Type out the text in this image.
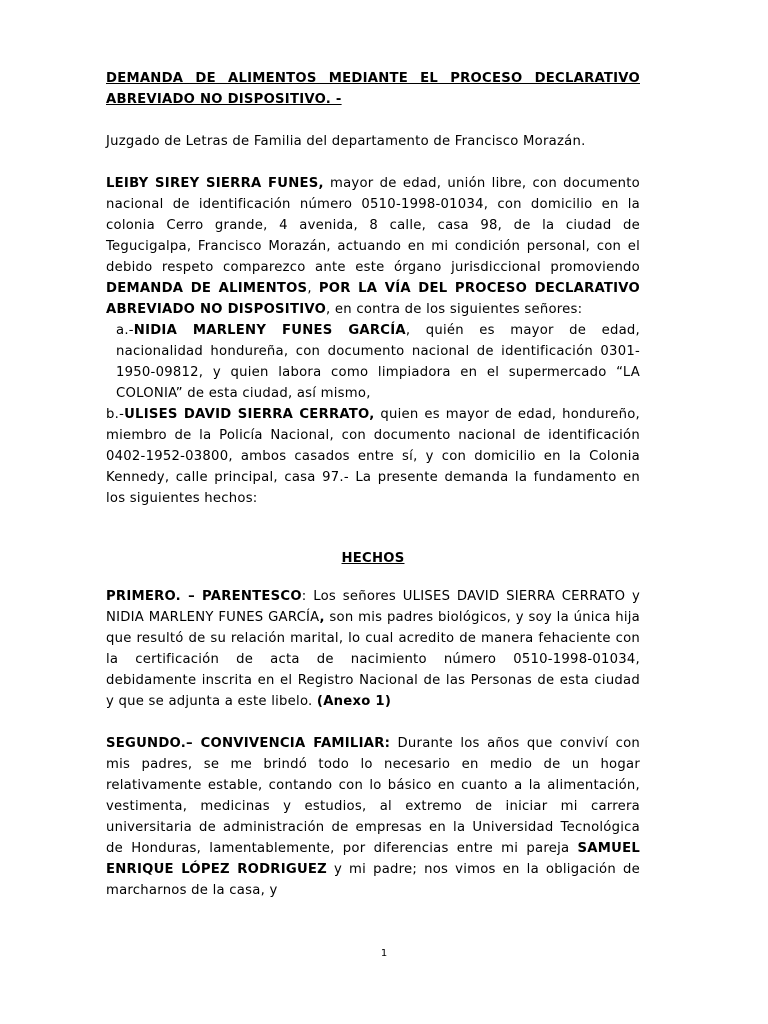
DEMANDA DE ALIMENTOS MEDIANTE EL PROCESO DECLARATIVO ABREVIADO NO DISPOSITIVO. -

Juzgado de Letras de Familia del departamento de Francisco Morazán.

LEIBY SIREY SIERRA FUNES, mayor de edad, unión libre, con documento nacional de identificación número 0510-1998-01034, con domicilio en la colonia Cerro grande, 4 avenida, 8 calle, casa 98, de la ciudad de Tegucigalpa, Francisco Morazán, actuando en mi condición personal, con el debido respeto comparezco ante este órgano jurisdiccional promoviendo DEMANDA DE ALIMENTOS, POR LA VÍA DEL PROCESO DECLARATIVO ABREVIADO NO DISPOSITIVO, en contra de los siguientes señores:

a.-NIDIA MARLENY FUNES GARCÍA, quién es mayor de edad, nacionalidad hondureña, con documento nacional de identificación 0301-1950-09812, y quien labora como limpiadora en el supermercado “LA COLONIA” de esta ciudad, así mismo,

b.-ULISES DAVID SIERRA CERRATO, quien es mayor de edad, hondureño, miembro de la Policía Nacional, con documento nacional de identificación 0402-1952-03800, ambos casados entre sí, y con domicilio en la Colonia Kennedy, calle principal, casa 97.- La presente demanda la fundamento en los siguientes hechos:

HECHOS

PRIMERO. – PARENTESCO: Los señores ULISES DAVID SIERRA CERRATO y NIDIA MARLENY FUNES GARCÍA, son mis padres biológicos, y soy la única hija que resultó de su relación marital, lo cual acredito de manera fehaciente con la certificación de acta de nacimiento número 0510-1998-01034, debidamente inscrita en el Registro Nacional de las Personas de esta ciudad y que se adjunta a este libelo. (Anexo 1)

SEGUNDO.– CONVIVENCIA FAMILIAR: Durante los años que conviví con mis padres, se me brindó todo lo necesario en medio de un hogar relativamente estable, contando con lo básico en cuanto a la alimentación, vestimenta, medicinas y estudios, al extremo de iniciar mi carrera universitaria de administración de empresas en la Universidad Tecnológica de Honduras, lamentablemente, por diferencias entre mi pareja SAMUEL ENRIQUE LÓPEZ RODRIGUEZ y mi padre; nos vimos en la obligación de marcharnos de la casa, y

1
